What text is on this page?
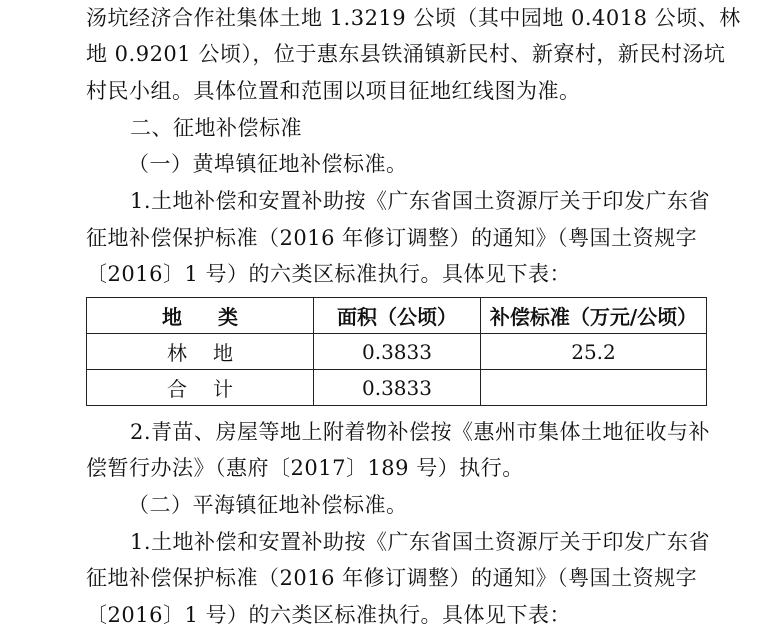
汤坑经济合作社集体土地 1.3219 公顷（其中园地 0.4018 公顷、林
地 0.9201 公顷），位于惠东县铁涌镇新民村、新寮村，新民村汤坑
村民小组。具体位置和范围以项目征地红线图为准。
二、征地补偿标准
（一）黄埠镇征地补偿标准。
1.土地补偿和安置补助按《广东省国土资源厅关于印发广东省
征地补偿保护标准（2016 年修订调整）的通知》（粤国土资规字
〔2016〕1 号）的六类区标准执行。具体见下表：
地类	面积（公顷）	补偿标准（万元/公顷）
林地	0.3833	25.2
合计	0.3833	
2.青苗、房屋等地上附着物补偿按《惠州市集体土地征收与补
偿暂行办法》（惠府〔2017〕189 号）执行。
（二）平海镇征地补偿标准。
1.土地补偿和安置补助按《广东省国土资源厅关于印发广东省
征地补偿保护标准（2016 年修订调整）的通知》（粤国土资规字
〔2016〕1 号）的六类区标准执行。具体见下表：
